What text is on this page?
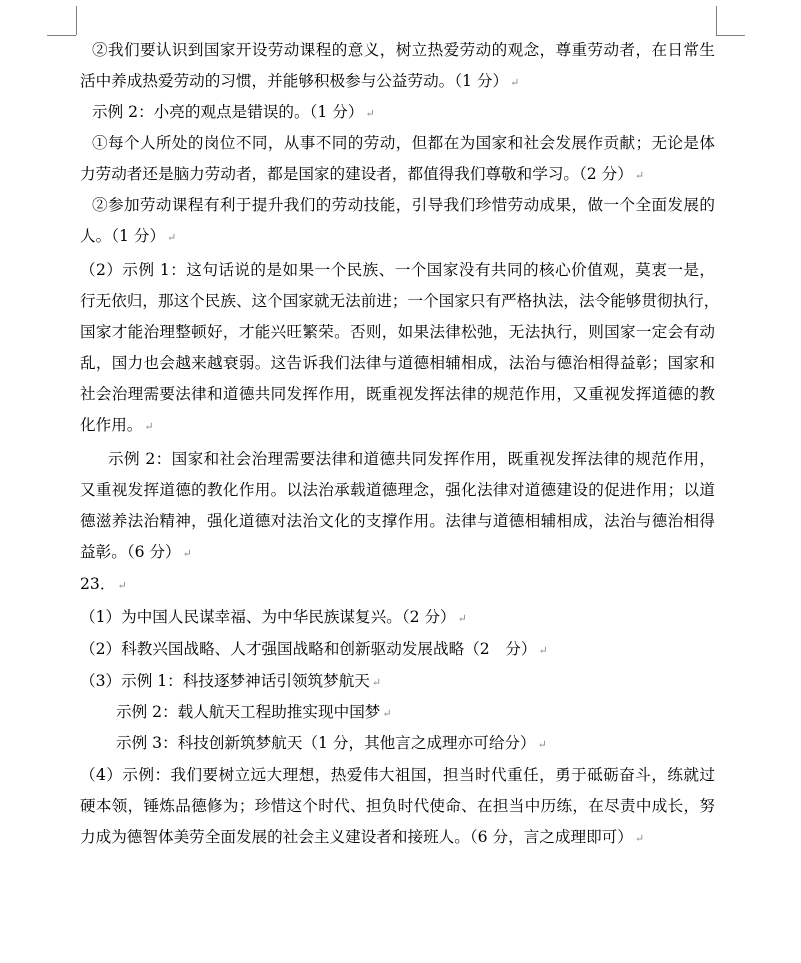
②我们要认识到国家开设劳动课程的意义，树立热爱劳动的观念，尊重劳动者，在日常生
活中养成热爱劳动的习惯，并能够积极参与公益劳动。（1 分） ↵
示例 2：小亮的观点是错误的。（1 分） ↵
①每个人所处的岗位不同，从事不同的劳动，但都在为国家和社会发展作贡献；无论是体
力劳动者还是脑力劳动者，都是国家的建设者，都值得我们尊敬和学习。（2 分） ↵
②参加劳动课程有利于提升我们的劳动技能，引导我们珍惜劳动成果，做一个全面发展的
人。（1 分） ↵
（2）示例 1：这句话说的是如果一个民族、一个国家没有共同的核心价值观，莫衷一是，
行无依归，那这个民族、这个国家就无法前进；一个国家只有严格执法，法令能够贯彻执行，
国家才能治理整顿好，才能兴旺繁荣。否则，如果法律松弛，无法执行，则国家一定会有动
乱，国力也会越来越衰弱。这告诉我们法律与道德相辅相成，法治与德治相得益彰；国家和
社会治理需要法律和道德共同发挥作用，既重视发挥法律的规范作用，又重视发挥道德的教
化作用。 ↵
示例 2：国家和社会治理需要法律和道德共同发挥作用，既重视发挥法律的规范作用，
又重视发挥道德的教化作用。以法治承载道德理念，强化法律对道德建设的促进作用；以道
德滋养法治精神，强化道德对法治文化的支撑作用。法律与道德相辅相成，法治与德治相得
益彰。（6 分） ↵
23． ↵
（1）为中国人民谋幸福、为中华民族谋复兴。（2 分） ↵
（2）科教兴国战略、人才强国战略和创新驱动发展战略（2　分） ↵
（3）示例 1：科技逐梦神话引领筑梦航天 ↵
示例 2：载人航天工程助推实现中国梦 ↵
示例 3：科技创新筑梦航天（1 分，其他言之成理亦可给分） ↵
（4）示例：我们要树立远大理想，热爱伟大祖国，担当时代重任，勇于砥砺奋斗，练就过
硬本领，锤炼品德修为；珍惜这个时代、担负时代使命、在担当中历练，在尽责中成长，努
力成为德智体美劳全面发展的社会主义建设者和接班人。（6 分，言之成理即可） ↵
